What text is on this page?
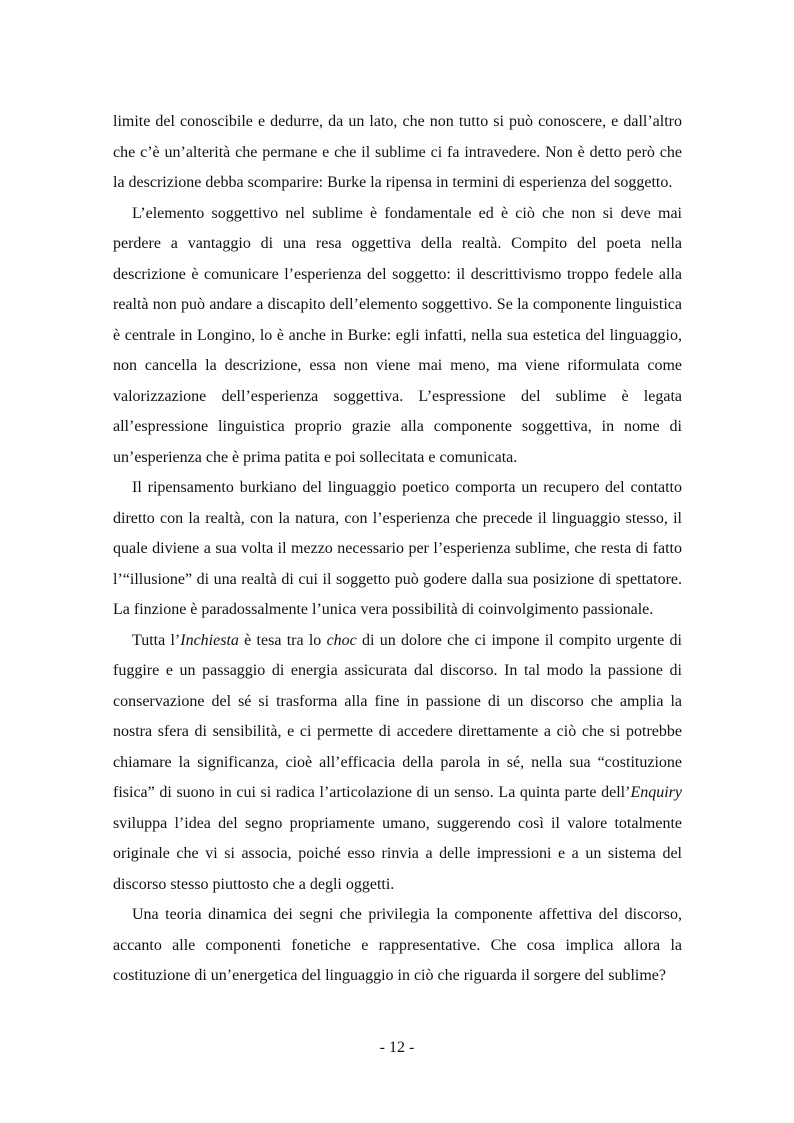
limite del conoscibile e dedurre, da un lato, che non tutto si può conoscere, e dall’altro che c’è un’alterità che permane e che il sublime ci fa intravedere. Non è detto però che la descrizione debba scomparire: Burke la ripensa in termini di esperienza del soggetto.

L’elemento soggettivo nel sublime è fondamentale ed è ciò che non si deve mai perdere a vantaggio di una resa oggettiva della realtà. Compito del poeta nella descrizione è comunicare l’esperienza del soggetto: il descrittivismo troppo fedele alla realtà non può andare a discapito dell’elemento soggettivo. Se la componente linguistica è centrale in Longino, lo è anche in Burke: egli infatti, nella sua estetica del linguaggio, non cancella la descrizione, essa non viene mai meno, ma viene riformulata come valorizzazione dell’esperienza soggettiva. L’espressione del sublime è legata all’espressione linguistica proprio grazie alla componente soggettiva, in nome di un’esperienza che è prima patita e poi sollecitata e comunicata.

Il ripensamento burkiano del linguaggio poetico comporta un recupero del contatto diretto con la realtà, con la natura, con l’esperienza che precede il linguaggio stesso, il quale diviene a sua volta il mezzo necessario per l’esperienza sublime, che resta di fatto l’“illusione” di una realtà di cui il soggetto può godere dalla sua posizione di spettatore. La finzione è paradossalmente l’unica vera possibilità di coinvolgimento passionale.

Tutta l’Inchiesta è tesa tra lo choc di un dolore che ci impone il compito urgente di fuggire e un passaggio di energia assicurata dal discorso. In tal modo la passione di conservazione del sé si trasforma alla fine in passione di un discorso che amplia la nostra sfera di sensibilità, e ci permette di accedere direttamente a ciò che si potrebbe chiamare la significanza, cioè all’efficacia della parola in sé, nella sua “costituzione fisica” di suono in cui si radica l’articolazione di un senso. La quinta parte dell’Enquiry sviluppa l’idea del segno propriamente umano, suggerendo così il valore totalmente originale che vi si associa, poiché esso rinvia a delle impressioni e a un sistema del discorso stesso piuttosto che a degli oggetti.

Una teoria dinamica dei segni che privilegia la componente affettiva del discorso, accanto alle componenti fonetiche e rappresentative. Che cosa implica allora la costituzione di un’energetica del linguaggio in ciò che riguarda il sorgere del sublime?

- 12 -
